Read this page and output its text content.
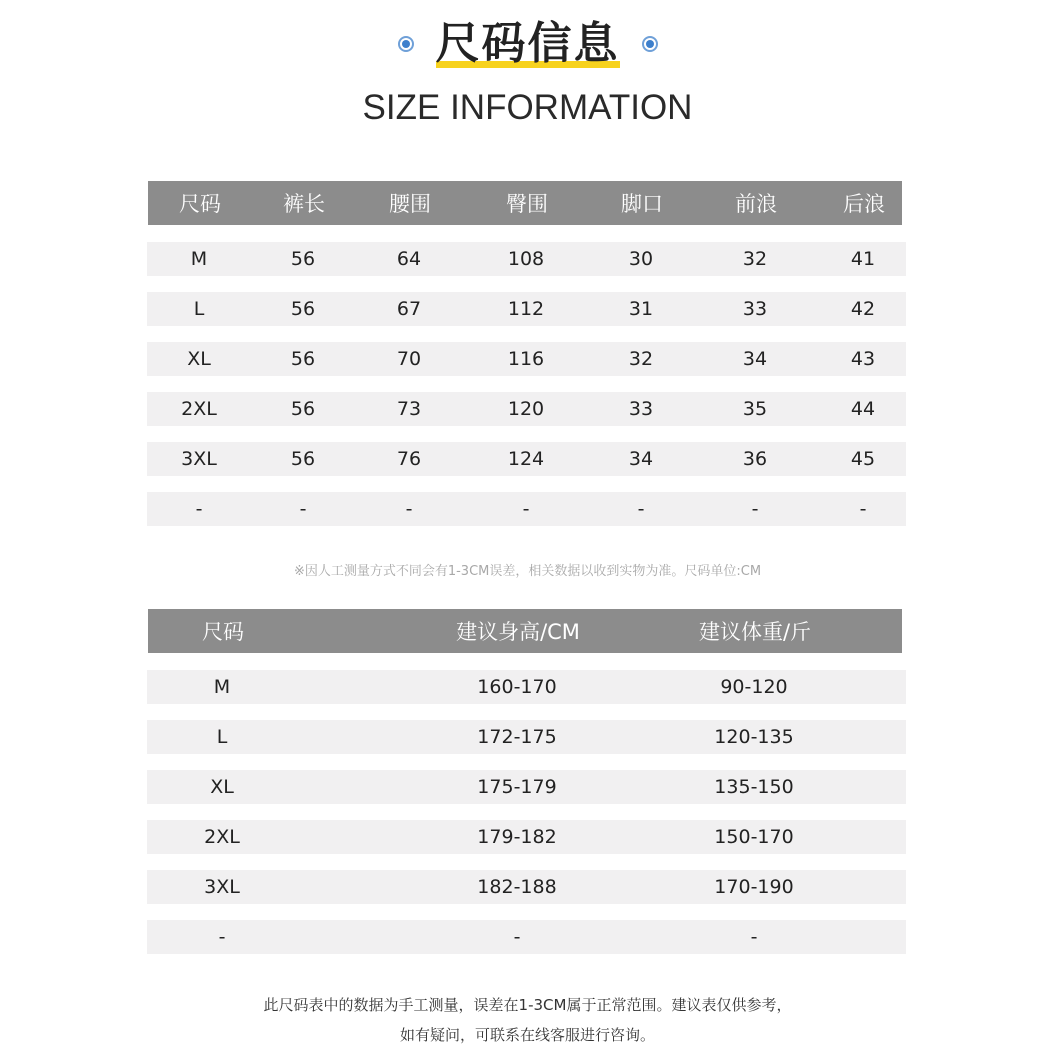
尺码信息
SIZE INFORMATION
尺码	裤长	腰围	臀围	脚口	前浪	后浪
M	56	64	108	30	32	41
L	56	67	112	31	33	42
XL	56	70	116	32	34	43
2XL	56	73	120	33	35	44
3XL	56	76	124	34	36	45
-	-	-	-	-	-	-
※因人工测量方式不同会有1-3CM误差，相关数据以收到实物为准。尺码单位:CM
尺码	建议身高/CM	建议体重/斤
M	160-170	90-120
L	172-175	120-135
XL	175-179	135-150
2XL	179-182	150-170
3XL	182-188	170-190
-	-	-
此尺码表中的数据为手工测量，误差在1-3CM属于正常范围。建议表仅供参考，
如有疑问，可联系在线客服进行咨询。
